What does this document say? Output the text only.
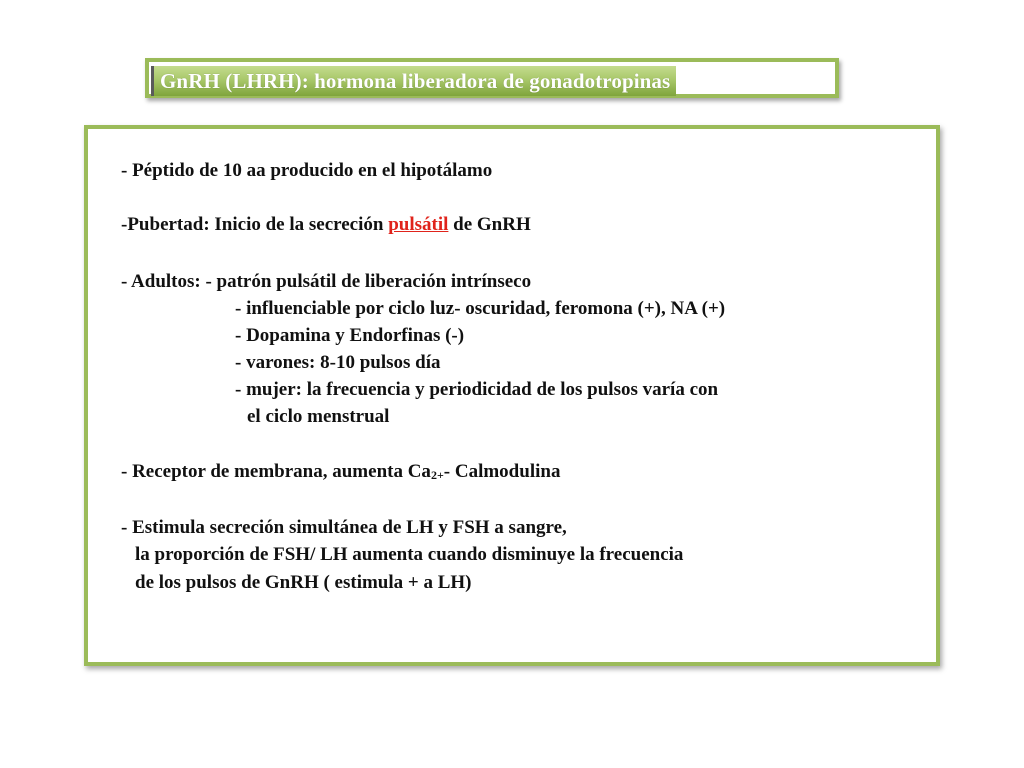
GnRH (LHRH): hormona liberadora de gonadotropinas
- Péptido de 10 aa producido en el hipotálamo
-Pubertad: Inicio de la secreción pulsátil de GnRH
- Adultos: - patrón pulsátil de liberación intrínseco
- influenciable por ciclo luz- oscuridad, feromona (+), NA (+)
- Dopamina y Endorfinas (-)
- varones: 8-10 pulsos día
- mujer: la frecuencia y periodicidad de los pulsos varía con
el ciclo menstrual
- Receptor de membrana, aumenta Ca2+- Calmodulina
- Estimula secreción simultánea de LH y FSH a sangre,
la proporción de FSH/ LH aumenta cuando disminuye la frecuencia
de los pulsos de GnRH ( estimula + a LH)
